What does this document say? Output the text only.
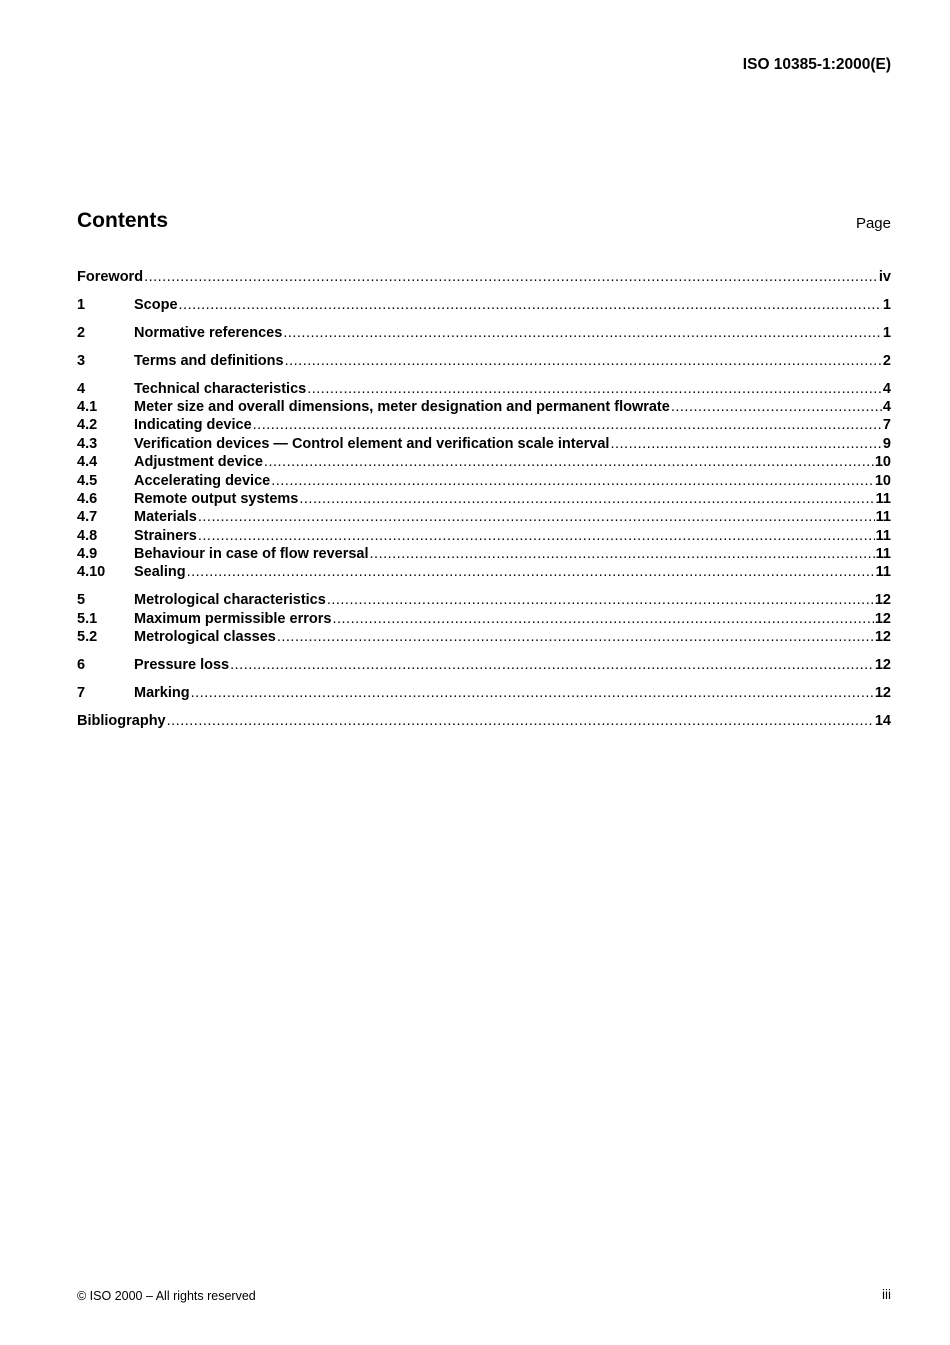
ISO 10385-1:2000(E)
Contents	Page
Foreword .....	iv
1	Scope .....	1
2	Normative references .....	1
3	Terms and definitions .....	2
4	Technical characteristics .....	4
4.1	Meter size and overall dimensions, meter designation and permanent flowrate .....	4
4.2	Indicating device .....	7
4.3	Verification devices — Control element and verification scale interval .....	9
4.4	Adjustment device .....	10
4.5	Accelerating device .....	10
4.6	Remote output systems .....	11
4.7	Materials .....	11
4.8	Strainers .....	11
4.9	Behaviour in case of flow reversal .....	11
4.10	Sealing .....	11
5	Metrological characteristics .....	12
5.1	Maximum permissible errors .....	12
5.2	Metrological classes .....	12
6	Pressure loss .....	12
7	Marking .....	12
Bibliography .....	14
© ISO 2000 – All rights reserved	iii
